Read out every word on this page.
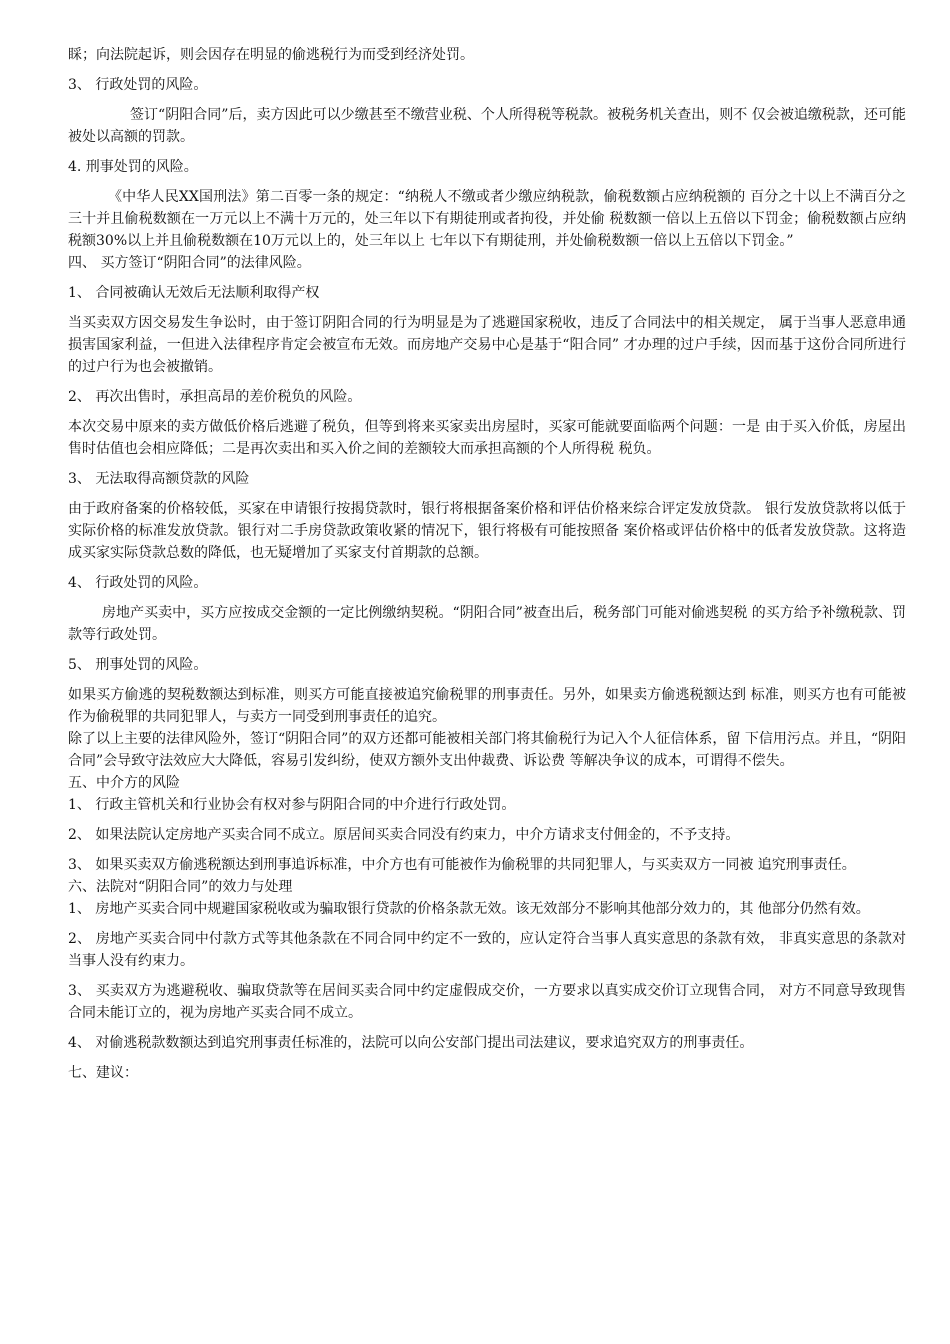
睬；向法院起诉，则会因存在明显的偷逃税行为而受到经济处罚。

3、 行政处罚的风险。

签订“阴阳合同”后，卖方因此可以少缴甚至不缴营业税、个人所得税等税款。被税务机关查出，则不 仅会被追缴税款，还可能被处以高额的罚款。

4. 刑事处罚的风险。

《中华人民XX国刑法》第二百零一条的规定：“纳税人不缴或者少缴应纳税款，偷税数额占应纳税额的 百分之十以上不满百分之三十并且偷税数额在一万元以上不满十万元的，处三年以下有期徒刑或者拘役，并处偷 税数额一倍以上五倍以下罚金；偷税数额占应纳税额30%以上并且偷税数额在10万元以上的，处三年以上 七年以下有期徒刑，并处偷税数额一倍以上五倍以下罚金。”

四、 买方签订“阴阳合同”的法律风险。

1、 合同被确认无效后无法顺利取得产权

当买卖双方因交易发生争讼时，由于签订阴阳合同的行为明显是为了逃避国家税收，违反了合同法中的相关规定， 属于当事人恶意串通损害国家利益，一但进入法律程序肯定会被宣布无效。而房地产交易中心是基于“阳合同” 才办理的过户手续，因而基于这份合同所进行的过户行为也会被撤销。

2、 再次出售时，承担高昂的差价税负的风险。

本次交易中原来的卖方做低价格后逃避了税负，但等到将来买家卖出房屋时，买家可能就要面临两个问题：一是 由于买入价低，房屋出售时估值也会相应降低；二是再次卖出和买入价之间的差额较大而承担高额的个人所得税 税负。

3、 无法取得高额贷款的风险

由于政府备案的价格较低，买家在申请银行按揭贷款时，银行将根据备案价格和评估价格来综合评定发放贷款。 银行发放贷款将以低于实际价格的标准发放贷款。银行对二手房贷款政策收紧的情况下，银行将极有可能按照备 案价格或评估价格中的低者发放贷款。这将造成买家实际贷款总数的降低，也无疑增加了买家支付首期款的总额。

4、 行政处罚的风险。

房地产买卖中，买方应按成交金额的一定比例缴纳契税。“阴阳合同”被查出后，税务部门可能对偷逃契税 的买方给予补缴税款、罚款等行政处罚。

5、 刑事处罚的风险。

如果买方偷逃的契税数额达到标准，则买方可能直接被追究偷税罪的刑事责任。另外，如果卖方偷逃税额达到 标准，则买方也有可能被作为偷税罪的共同犯罪人，与卖方一同受到刑事责任的追究。

除了以上主要的法律风险外，签订“阴阳合同”的双方还都可能被相关部门将其偷税行为记入个人征信体系，留 下信用污点。并且，“阴阳合同”会导致守法效应大大降低，容易引发纠纷，使双方额外支出仲裁费、诉讼费 等解决争议的成本，可谓得不偿失。

五、中介方的风险

1、 行政主管机关和行业协会有权对参与阴阳合同的中介进行行政处罚。

2、 如果法院认定房地产买卖合同不成立。原居间买卖合同没有约束力，中介方请求支付佣金的，不予支持。

3、 如果买卖双方偷逃税额达到刑事追诉标准，中介方也有可能被作为偷税罪的共同犯罪人，与买卖双方一同被 追究刑事责任。

六、法院对“阴阳合同”的效力与处理

1、 房地产买卖合同中规避国家税收或为骗取银行贷款的价格条款无效。该无效部分不影响其他部分效力的，其 他部分仍然有效。

2、 房地产买卖合同中付款方式等其他条款在不同合同中约定不一致的，应认定符合当事人真实意思的条款有效， 非真实意思的条款对当事人没有约束力。

3、 买卖双方为逃避税收、骗取贷款等在居间买卖合同中约定虚假成交价，一方要求以真实成交价订立现售合同， 对方不同意导致现售合同未能订立的，视为房地产买卖合同不成立。

4、 对偷逃税款数额达到追究刑事责任标准的，法院可以向公安部门提出司法建议，要求追究双方的刑事责任。

七、建议：
